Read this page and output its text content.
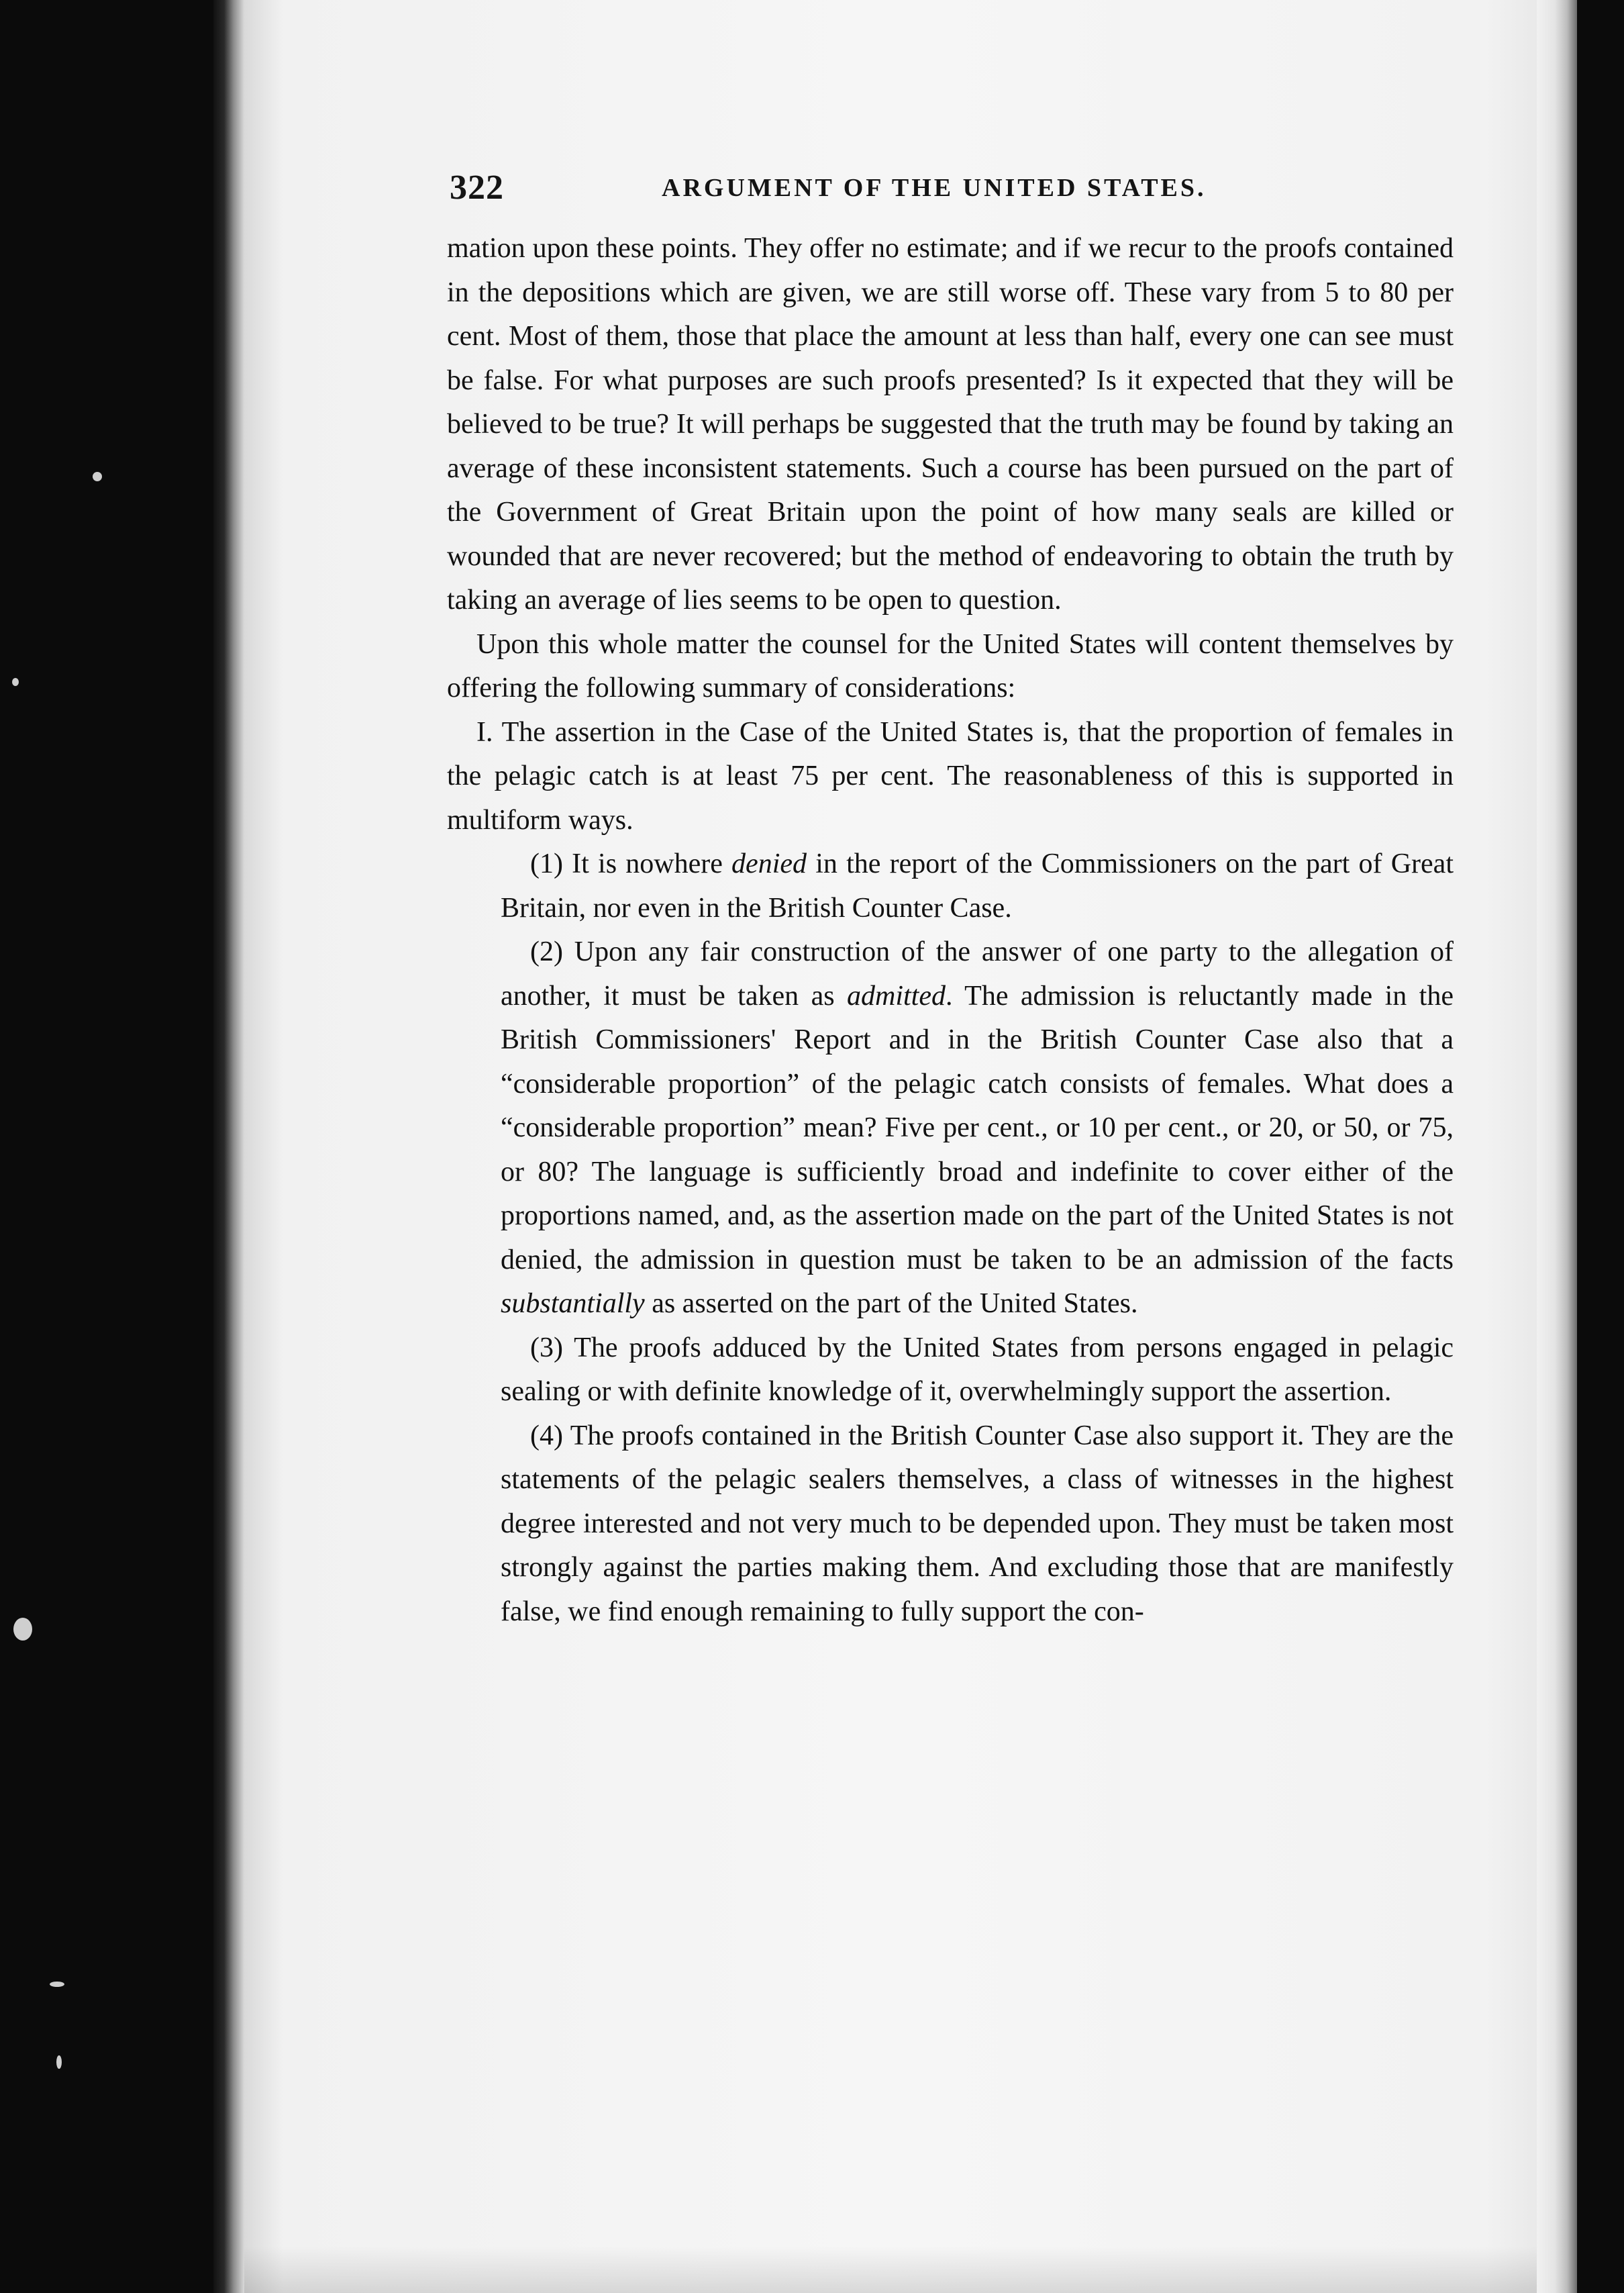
322	ARGUMENT OF THE UNITED STATES.

mation upon these points. They offer no estimate; and if we recur to the proofs contained in the depositions which are given, we are still worse off. These vary from 5 to 80 per cent. Most of them, those that place the amount at less than half, every one can see must be false. For what purposes are such proofs presented? Is it expected that they will be believed to be true? It will perhaps be suggested that the truth may be found by taking an average of these inconsistent statements. Such a course has been pursued on the part of the Government of Great Britain upon the point of how many seals are killed or wounded that are never recovered; but the method of endeavoring to obtain the truth by taking an average of lies seems to be open to question.

Upon this whole matter the counsel for the United States will content themselves by offering the following summary of considerations:

I. The assertion in the Case of the United States is, that the proportion of females in the pelagic catch is at least 75 per cent. The reasonableness of this is supported in multiform ways.

(1) It is nowhere denied in the report of the Commissioners on the part of Great Britain, nor even in the British Counter Case.

(2) Upon any fair construction of the answer of one party to the allegation of another, it must be taken as admitted. The admission is reluctantly made in the British Commissioners' Report and in the British Counter Case also that a “considerable proportion” of the pelagic catch consists of females. What does a “considerable proportion” mean? Five per cent., or 10 per cent., or 20, or 50, or 75, or 80? The language is sufficiently broad and indefinite to cover either of the proportions named, and, as the assertion made on the part of the United States is not denied, the admission in question must be taken to be an admission of the facts substantially as asserted on the part of the United States.

(3) The proofs adduced by the United States from persons engaged in pelagic sealing or with definite knowledge of it, overwhelmingly support the assertion.

(4) The proofs contained in the British Counter Case also support it. They are the statements of the pelagic sealers themselves, a class of witnesses in the highest degree interested and not very much to be depended upon. They must be taken most strongly against the parties making them. And excluding those that are manifestly false, we find enough remaining to fully support the con-
